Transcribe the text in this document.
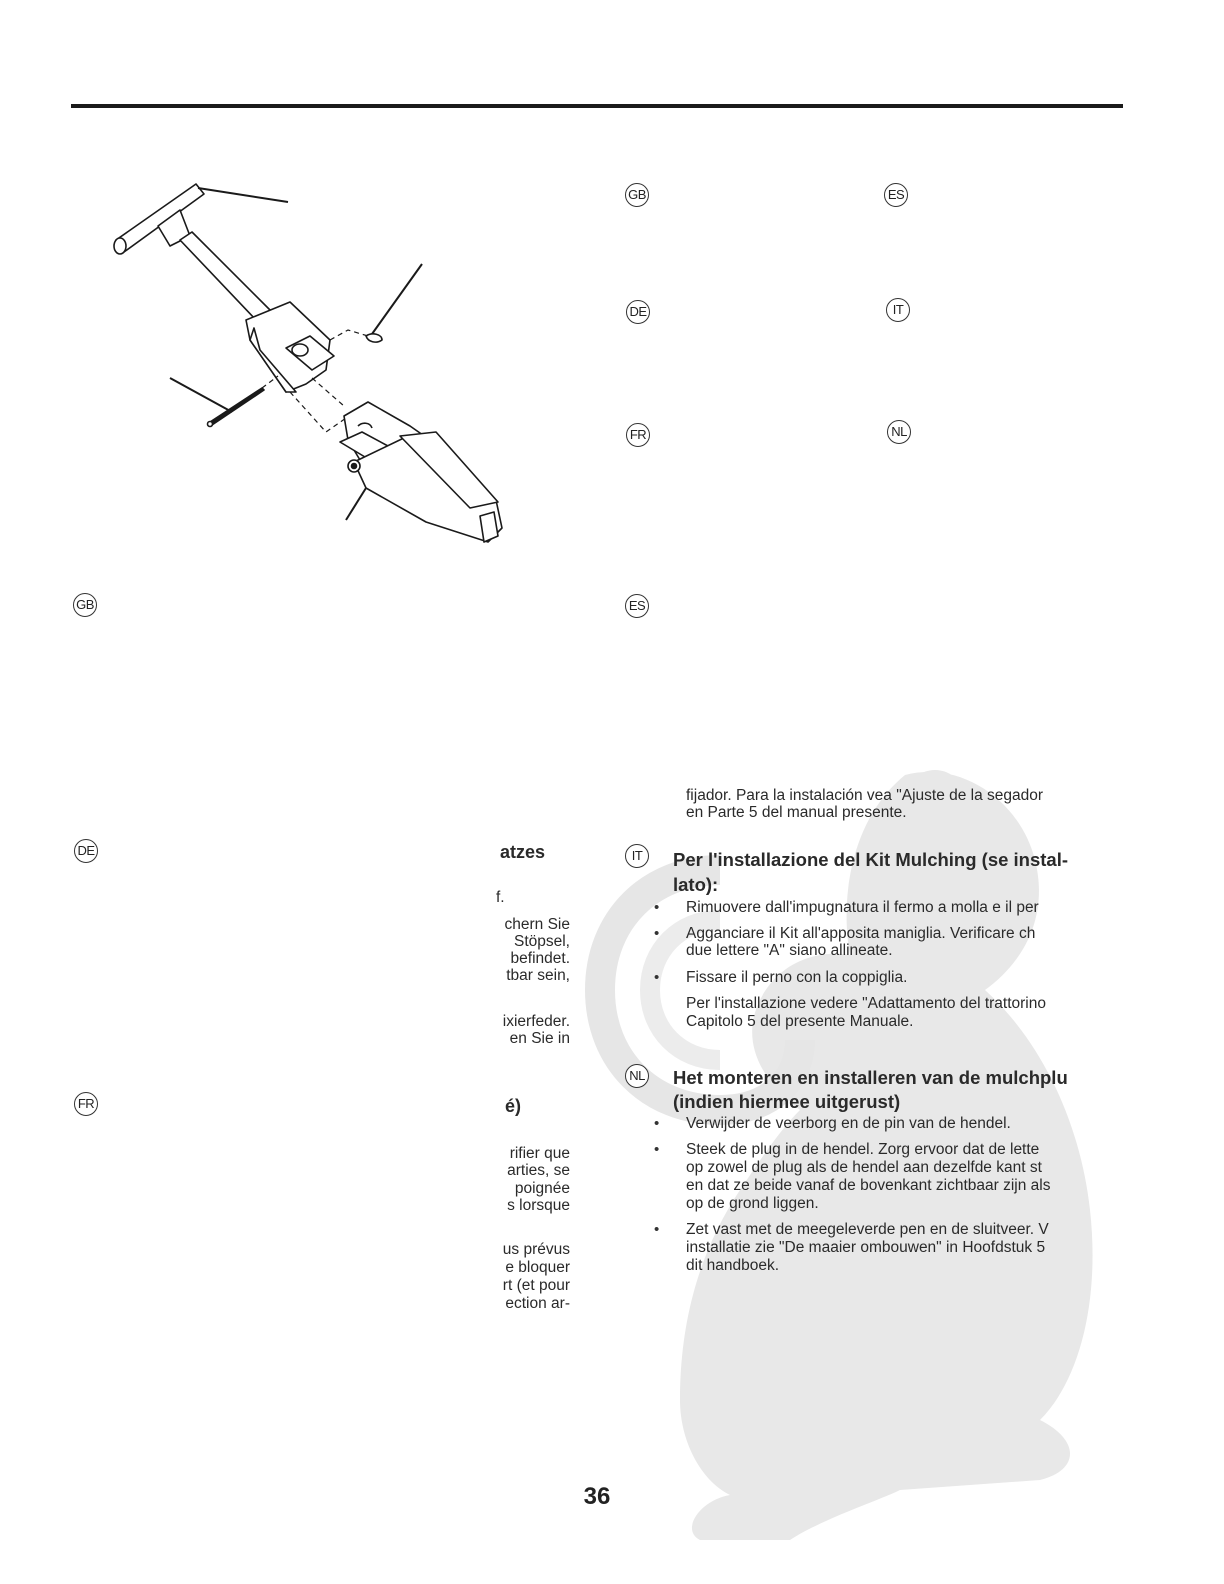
GB	ES
DE	IT
FR	NL
GB	ES
DE	IT
FR
NL
atzes
f.
chern Sie
Stöpsel,
befindet.
tbar sein,
ixierfeder.
en Sie in
é)
rifier que
arties, se
poignée
s lorsque
us prévus
e bloquer
rt (et pour
ection ar-
fijador. Para la instalación vea "Ajuste de la segador
en Parte 5 del manual presente.
Per l'installazione del Kit Mulching (se instal-
lato):
• Rimuovere dall'impugnatura il fermo a molla e il per
• Agganciare il Kit all'apposita maniglia. Verificare ch
due lettere "A" siano allineate.
• Fissare il perno con la coppiglia.
Per l'installazione vedere "Adattamento del trattorino
Capitolo 5 del presente Manuale.
Het monteren en installeren van de mulchplu
(indien hiermee uitgerust)
• Verwijder de veerborg en de pin van de hendel.
• Steek de plug in de hendel. Zorg ervoor dat de lette
op zowel de plug als de hendel aan dezelfde kant st
en dat ze beide vanaf de bovenkant zichtbaar zijn als
op de grond liggen.
• Zet vast met de meegeleverde pen en de sluitveer. V
installatie zie "De maaier ombouwen" in Hoofdstuk 5
dit handboek.
36
